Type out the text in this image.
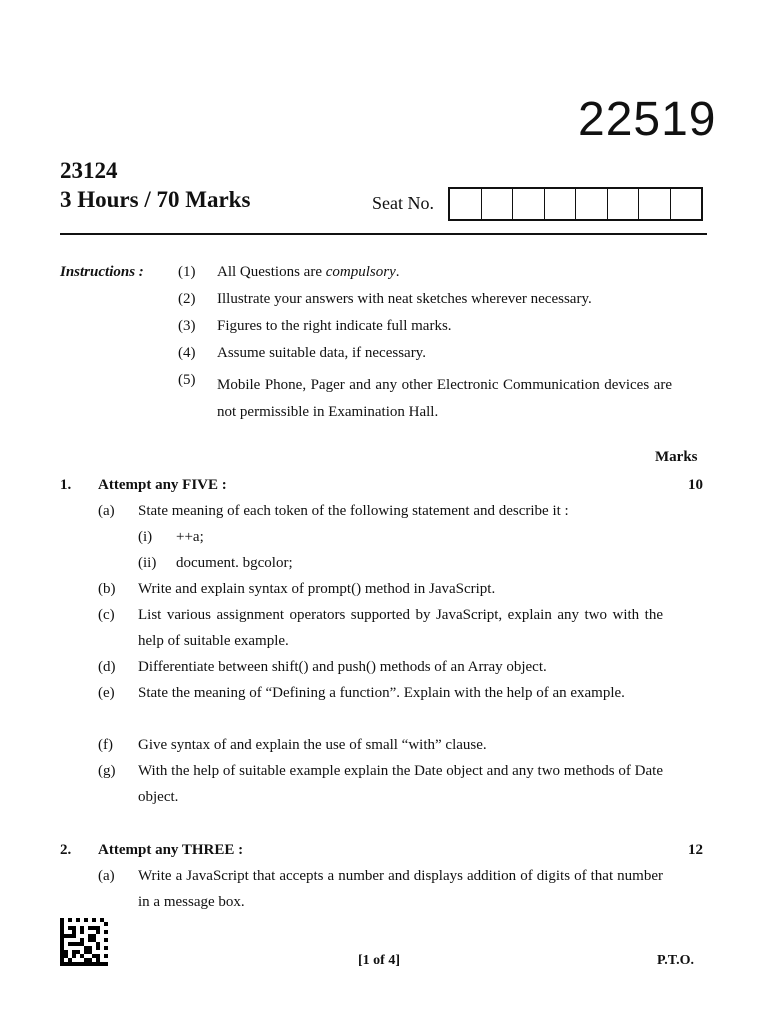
22519
23124
3 Hours / 70 Marks	Seat No.
Instructions : (1) All Questions are compulsory.
(2) Illustrate your answers with neat sketches wherever necessary.
(3) Figures to the right indicate full marks.
(4) Assume suitable data, if necessary.
(5) Mobile Phone, Pager and any other Electronic Communication devices are not permissible in Examination Hall.
Marks
1. Attempt any FIVE :	10
(a) State meaning of each token of the following statement and describe it :
(i) ++a;
(ii) document. bgcolor;
(b) Write and explain syntax of prompt() method in JavaScript.
(c) List various assignment operators supported by JavaScript, explain any two with the help of suitable example.
(d) Differentiate between shift() and push() methods of an Array object.
(e) State the meaning of “Defining a function”. Explain with the help of an example.
(f) Give syntax of and explain the use of small “with” clause.
(g) With the help of suitable example explain the Date object and any two methods of Date object.
2. Attempt any THREE :	12
(a) Write a JavaScript that accepts a number and displays addition of digits of that number in a message box.
[1 of 4]	P.T.O.
